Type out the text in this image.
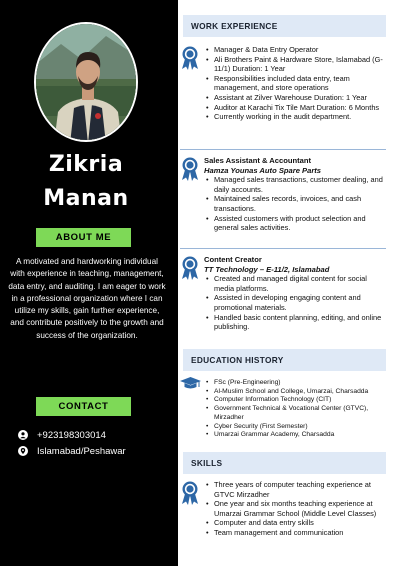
Zikria
Manan
ABOUT ME
A motivated and hardworking individual with experience in teaching, management, data entry, and auditing. I am eager to work in a professional organization where I can utilize my skills, gain further experience, and contribute positively to the growth and success of the organization.
CONTACT
+923198303014
Islamabad/Peshawar
WORK EXPERIENCE
• Manager & Data Entry Operator
• Ali Brothers Paint & Hardware Store, Islamabad (G-11/1) Duration: 1 Year
• Responsibilities included data entry, team management, and store operations
• Assistant at Zilver Warehouse Duration: 1 Year
• Auditor at Karachi Tix Tile Mart Duration: 6 Months
• Currently working in the audit department.
Sales Assistant & Accountant
Hamza Younas Auto Spare Parts
• Managed sales transactions, customer dealing, and daily accounts.
• Maintained sales records, invoices, and cash transactions.
• Assisted customers with product selection and general sales activities.
Content Creator
TT Technology – E-11/2, Islamabad
• Created and managed digital content for social media platforms.
• Assisted in developing engaging content and promotional materials.
• Handled basic content planning, editing, and online publishing.
EDUCATION HISTORY
• FSc (Pre-Engineering)
• Al-Muslim School and College, Umarzai, Charsadda
• Computer Information Technology (CIT)
• Government Technical & Vocational Center (GTVC), Mirzadher
• Cyber Security (First Semester)
• Umarzai Grammar Academy, Charsadda
SKILLS
• Three years of computer teaching experience at GTVC Mirzadher
• One year and six months teaching experience at Umarzai Grammar School (Middle Level Classes)
• Computer and data entry skills
• Team management and communication
